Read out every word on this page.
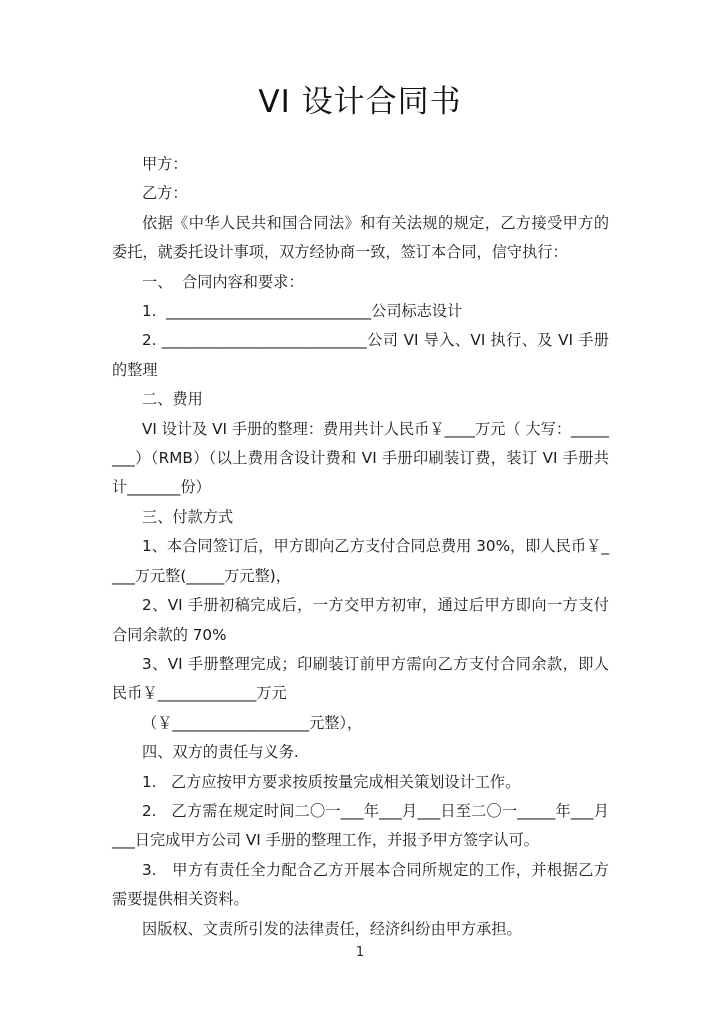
VI 设计合同书

甲方：

乙方：

依据《中华人民共和国合同法》和有关法规的规定，乙方接受甲方的委托，就委托设计事项，双方经协商一致，签订本合同，信守执行：

一、  合同内容和要求：

1.  ___________________________公司标志设计

2. ___________________________公司 VI 导入、VI 执行、及 VI 手册的整理

二、费用

VI 设计及 VI 手册的整理：费用共计人民币￥____万元（ 大写：________）（RMB）（以上费用含设计费和 VI 手册印刷装订费，装订 VI 手册共计_______份）

三、付款方式

1、本合同签订后，甲方即向乙方支付合同总费用 30%，即人民币￥____万元整(_____万元整)，

2、VI 手册初稿完成后，一方交甲方初审，通过后甲方即向一方支付合同余款的 70%

3、VI 手册整理完成；印刷装订前甲方需向乙方支付合同余款，即人民币￥_____________万元

（￥__________________元整），

四、双方的责任与义务.

1.   乙方应按甲方要求按质按量完成相关策划设计工作。

2.   乙方需在规定时间二〇一___年___月___日至二〇一_____年___月___日完成甲方公司 VI 手册的整理工作，并报予甲方签字认可。

3.   甲方有责任全力配合乙方开展本合同所规定的工作，并根据乙方需要提供相关资料。

因版权、文责所引发的法律责任，经济纠纷由甲方承担。

1
